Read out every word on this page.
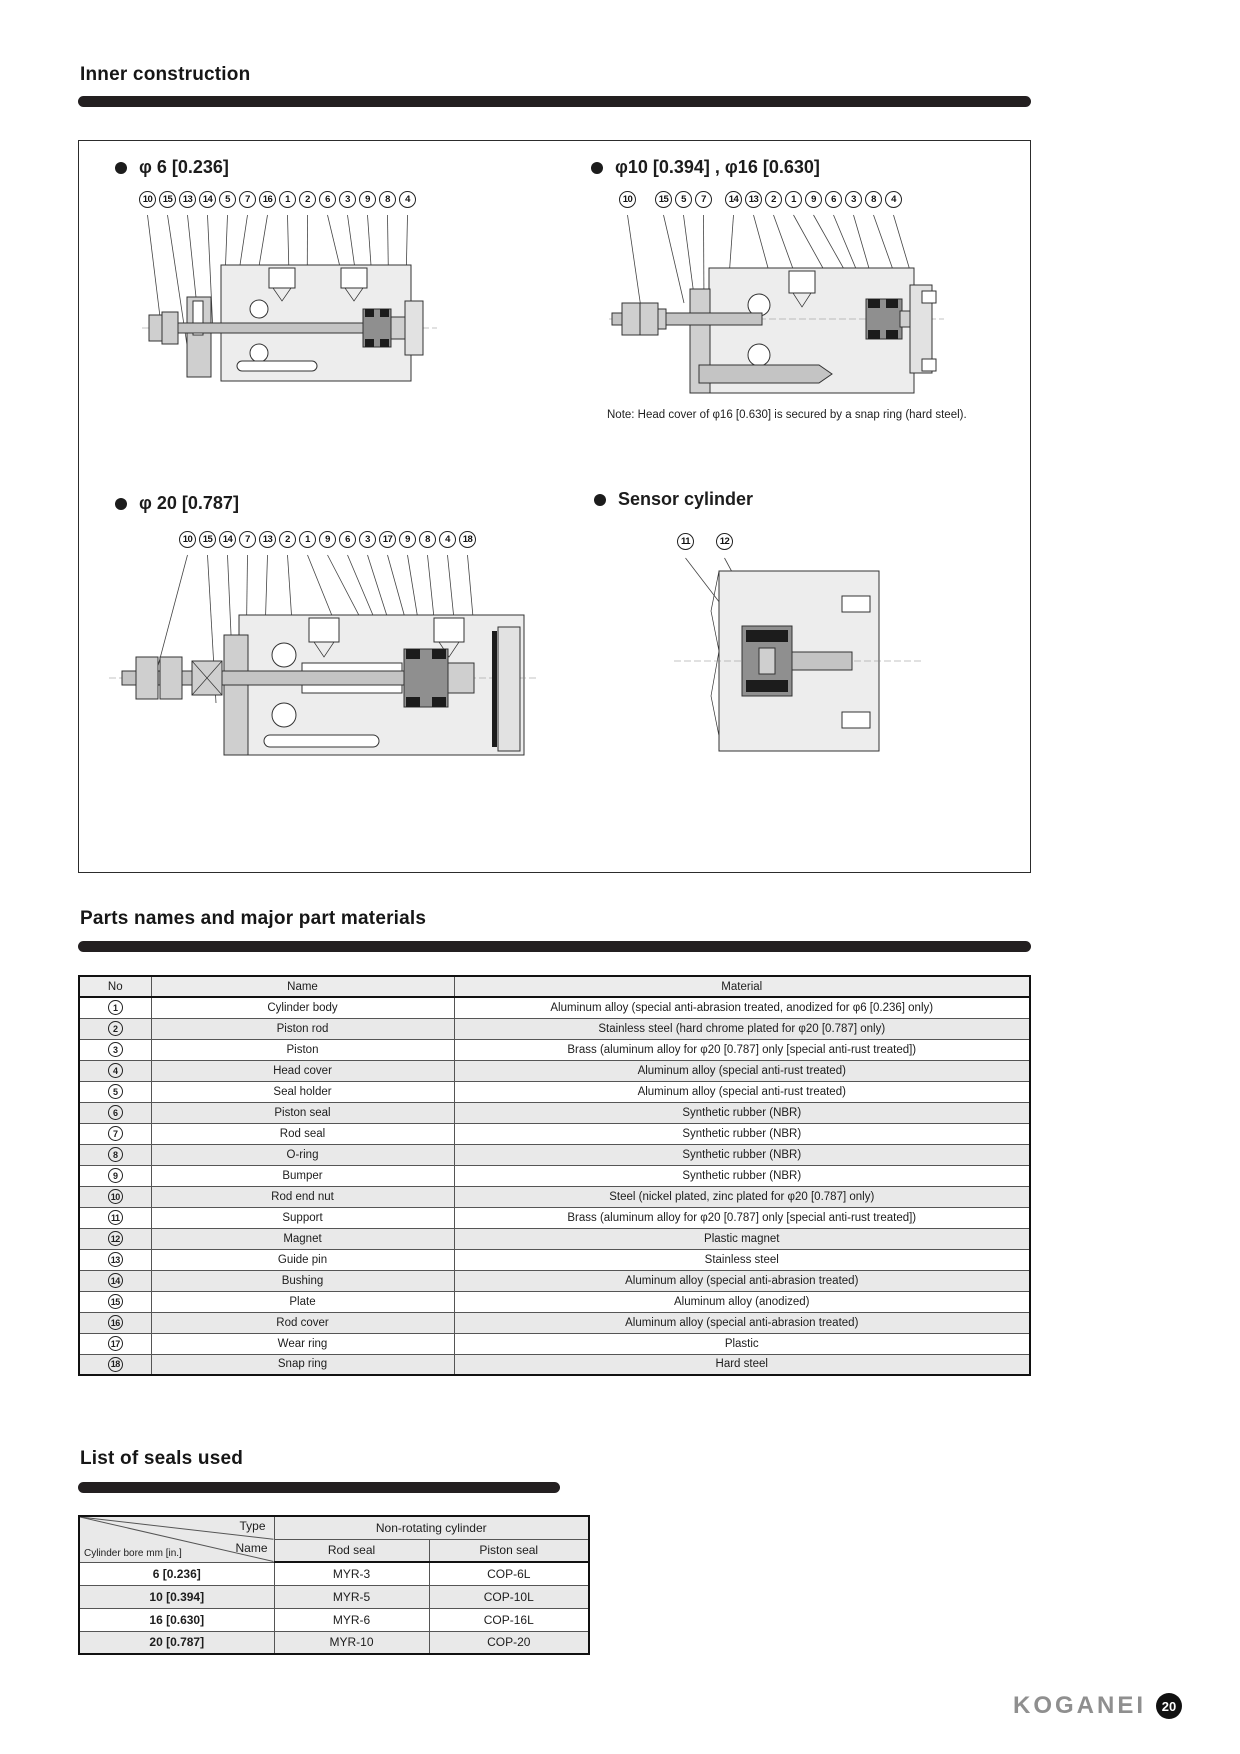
Inner construction
φ 6 [0.236]
10	15	13	14	5	7	16	1	2	6	3	9	8	4
φ10 [0.394] , φ16 [0.630]
10	15	5	7	14	13	2	1	9	6	3	8	4
Note: Head cover of φ16 [0.630] is secured by a snap ring (hard steel).
φ 20 [0.787]
10	15	14	7	13	2	1	9	6	3	17	9	8	4	18
Sensor cylinder
11	12
Parts names and major part materials
No	Name	Material
1	Cylinder body	Aluminum alloy (special anti-abrasion treated, anodized for φ6 [0.236] only)
2	Piston rod	Stainless steel (hard chrome plated for φ20 [0.787] only)
3	Piston	Brass (aluminum alloy for φ20 [0.787] only [special anti-rust treated])
4	Head cover	Aluminum alloy (special anti-rust treated)
5	Seal holder	Aluminum alloy (special anti-rust treated)
6	Piston seal	Synthetic rubber (NBR)
7	Rod seal	Synthetic rubber (NBR)
8	O-ring	Synthetic rubber (NBR)
9	Bumper	Synthetic rubber (NBR)
10	Rod end nut	Steel (nickel plated, zinc plated for φ20 [0.787] only)
11	Support	Brass (aluminum alloy for φ20 [0.787] only [special anti-rust treated])
12	Magnet	Plastic magnet
13	Guide pin	Stainless steel
14	Bushing	Aluminum alloy (special anti-abrasion treated)
15	Plate	Aluminum alloy (anodized)
16	Rod cover	Aluminum alloy (special anti-abrasion treated)
17	Wear ring	Plastic
18	Snap ring	Hard steel
List of seals used
Type
Name
Cylinder bore mm [in.]	Non-rotating cylinder	
	Rod seal	Piston seal
6 [0.236]	MYR-3	COP-6L
10 [0.394]	MYR-5	COP-10L
16 [0.630]	MYR-6	COP-16L
20 [0.787]	MYR-10	COP-20
KOGANEI	20
